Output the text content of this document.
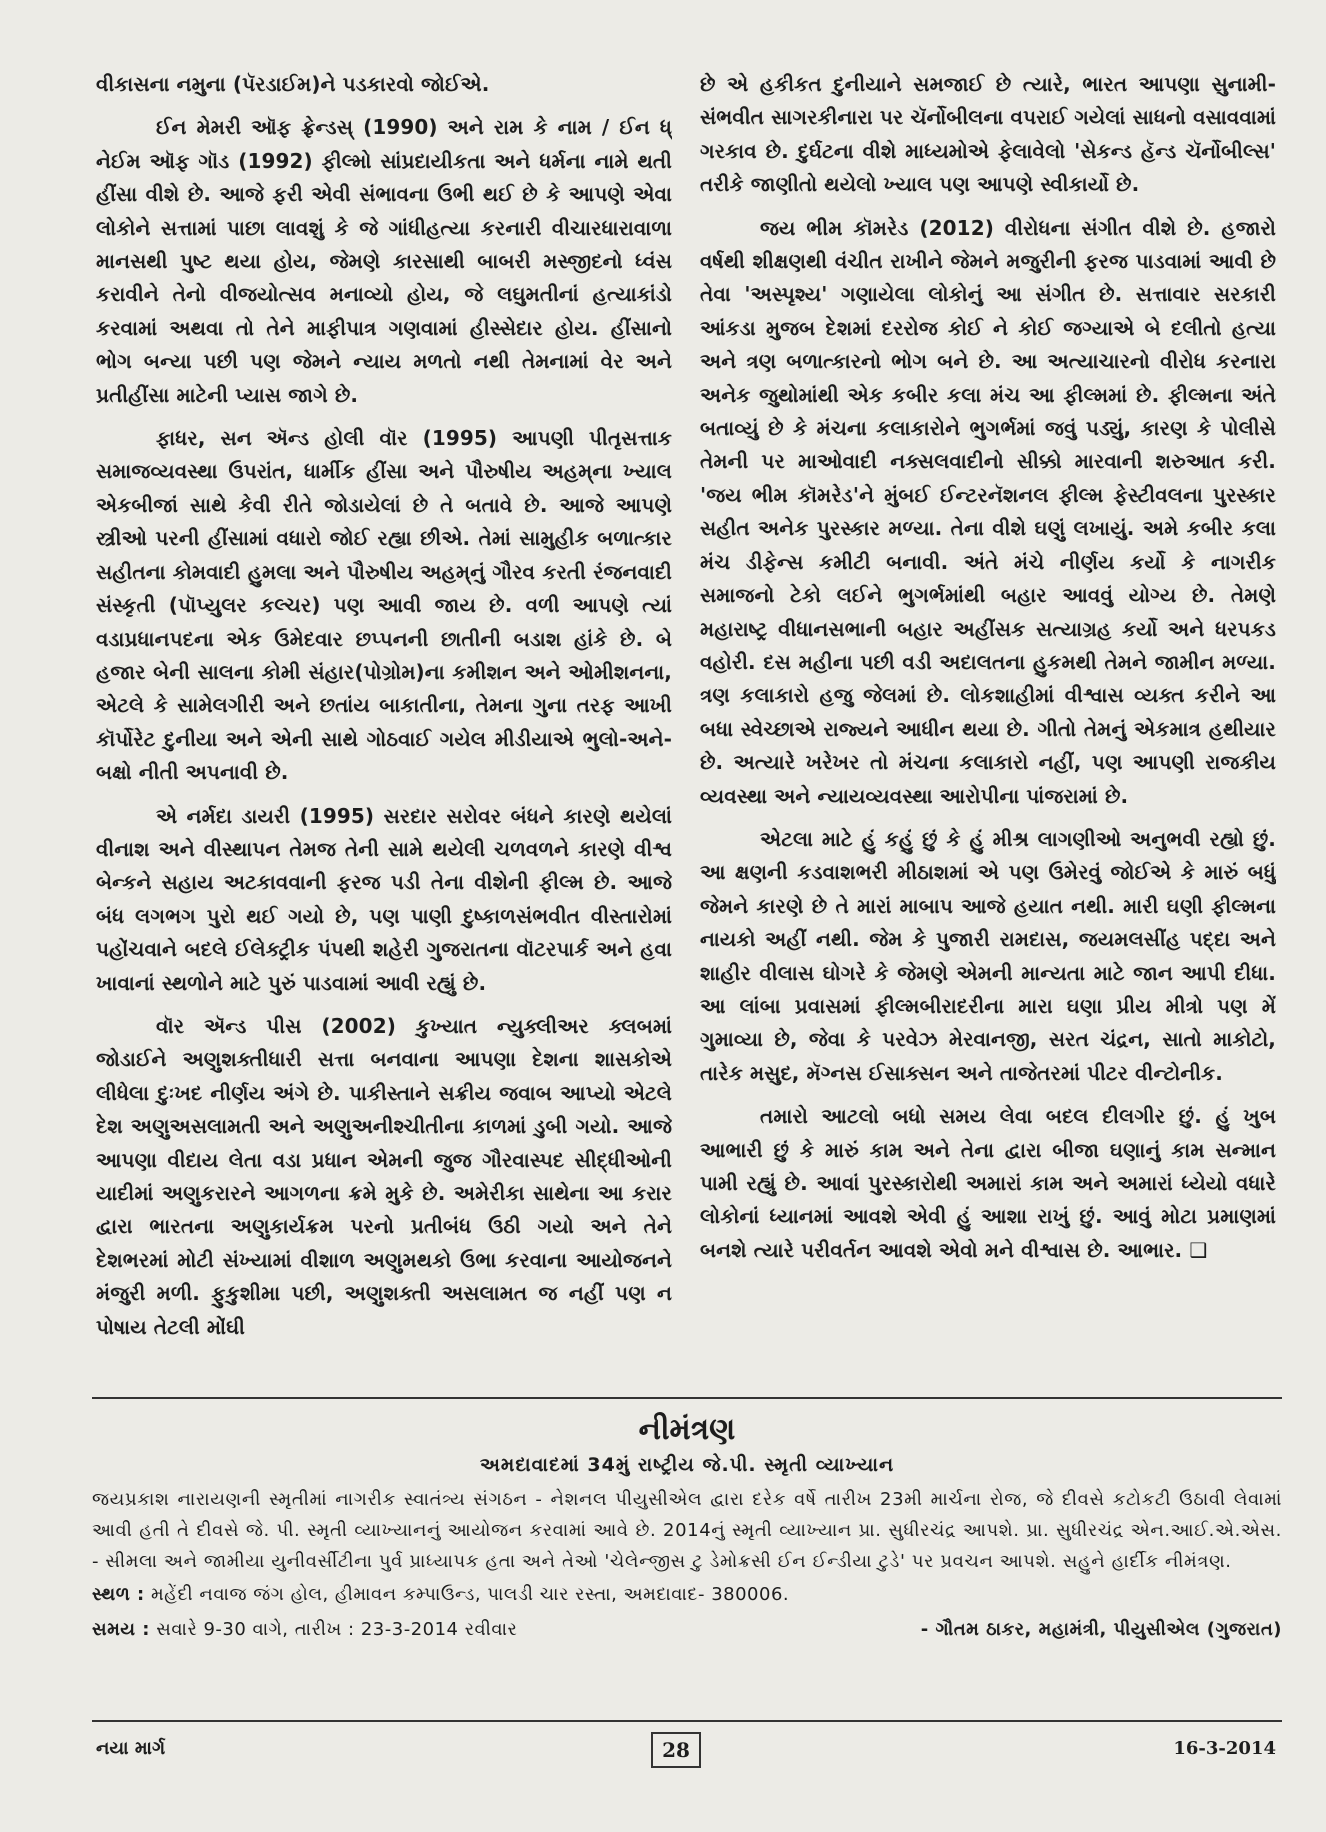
વીકાસના નમુના (પૅરડાઈમ)ને પડકારવો જોઈએ.

ઈન મેમરી ઑફ ફ્રેન્ડસ્ (1990) અને રામ કે નામ / ઈન ધ્ નેઈમ ઑફ ગૉડ (1992) ફીલ્મો સાંપ્રદાયીકતા અને ધર્મના નામે થતી હીંસા વીશે છે. આજે ફરી એવી સંભાવના ઉભી થઈ છે કે આપણે એવા લોકોને સત્તામાં પાછા લાવશું કે જે ગાંધીહત્યા કરનારી વીચારધારાવાળા માનસથી પુષ્ટ થયા હોય, જેમણે કારસાથી બાબરી મસ્જીદનો ધ્વંસ કરાવીને તેનો વીજયોત્સવ મનાવ્યો હોય, જે લઘુમતીનાં હત્યાકાંડો કરવામાં અથવા તો તેને માફીપાત્ર ગણવામાં હીસ્સેદાર હોય. હીંસાનો ભોગ બન્યા પછી પણ જેમને ન્યાય મળતો નથી તેમનામાં વેર અને પ્રતીહીંસા માટેની પ્યાસ જાગે છે.

ફાધર, સન ઍન્ડ હોલી વૉર (1995) આપણી પીતૃસત્તાક સમાજવ્યવસ્થા ઉપરાંત, ધાર્મીક હીંસા અને પૌરુષીય અહમ્‌ના ખ્યાલ એકબીજાં સાથે કેવી રીતે જોડાયેલાં છે તે બતાવે છે. આજે આપણે સ્ત્રીઓ પરની હીંસામાં વધારો જોઈ રહ્યા છીએ. તેમાં સામુહીક બળાત્કાર સહીતના કોમવાદી હુમલા અને પૌરુષીય અહમ્‌નું ગૌરવ કરતી રંજનવાદી સંસ્કૃતી (પૉપ્યુલર કલ્ચર) પણ આવી જાય છે. વળી આપણે ત્યાં વડાપ્રધાનપદના એક ઉમેદવાર છપ્પનની છાતીની બડાશ હાંકે છે. બે હજાર બેની સાલના કોમી સંહાર(પોગ્રોમ)ના કમીશન અને ઓમીશનના, એટલે કે સામેલગીરી અને છતાંય બાકાતીના, તેમના ગુના તરફ આખી કૉર્પોરેટ દુનીયા અને એની સાથે ગોઠવાઈ ગયેલ મીડીયાએ ભુલો-અને-બક્ષો નીતી અપનાવી છે.

એ નર્મદા ડાયરી (1995) સરદાર સરોવર બંધને કારણે થયેલાં વીનાશ અને વીસ્થાપન તેમજ તેની સામે થયેલી ચળવળને કારણે વીશ્વ બેન્કને સહાય અટકાવવાની ફરજ પડી તેના વીશેની ફીલ્મ છે. આજે બંધ લગભગ પુરો થઈ ગયો છે, પણ પાણી દુષ્કાળસંભવીત વીસ્તારોમાં પહોંચવાને બદલે ઈલેક્ટ્રીક પંપથી શહેરી ગુજરાતના વૉટરપાર્ક અને હવા ખાવાનાં સ્થળોને માટે પુરું પાડવામાં આવી રહ્યું છે.

વૉર ઍન્ડ પીસ (2002) કુખ્યાત ન્યુક્લીઅર ક્લબમાં જોડાઈને અણુશક્તીધારી સત્તા બનવાના આપણા દેશના શાસકોએ લીધેલા દુઃખદ નીર્ણય અંગે છે. પાકીસ્તાને સક્રીય જવાબ આપ્યો એટલે દેશ અણુઅસલામતી અને અણુઅનીશ્ચીતીના કાળમાં ડુબી ગયો. આજે આપણા વીદાય લેતા વડા પ્રધાન એમની જુજ ગૌરવાસ્પદ સીદ્ધીઓની યાદીમાં અણુકરારને આગળના ક્રમે મુકે છે. અમેરીકા સાથેના આ કરાર દ્વારા ભારતના અણુકાર્યક્રમ પરનો પ્રતીબંધ ઉઠી ગયો અને તેને દેશભરમાં મોટી સંખ્યામાં વીશાળ અણુમથકો ઉભા કરવાના આયોજનને મંજુરી મળી. ફુકુશીમા પછી, અણુશક્તી અસલામત જ નહીં પણ ન પોષાય તેટલી મોંઘી

છે એ હકીકત દુનીયાને સમજાઈ છે ત્યારે, ભારત આપણા સુનામી-સંભવીત સાગરકીનારા પર ચૅર્નોબીલના વપરાઈ ગયેલાં સાધનો વસાવવામાં ગરકાવ છે. દુર્ઘટના વીશે માધ્યમોએ ફેલાવેલો 'સેકન્ડ હૅન્ડ ચૅર્નોબીલ્સ' તરીકે જાણીતો થયેલો ખ્યાલ પણ આપણે સ્વીકાર્યો છે.

જય ભીમ કૉમરેડ (2012) વીરોધના સંગીત વીશે છે. હજારો વર્ષથી શીક્ષણથી વંચીત રાખીને જેમને મજુરીની ફરજ પાડવામાં આવી છે તેવા 'અસ્પૃશ્ય' ગણાયેલા લોકોનું આ સંગીત છે. સત્તાવાર સરકારી આંકડા મુજબ દેશમાં દરરોજ કોઈ ને કોઈ જગ્યાએ બે દલીતો હત્યા અને ત્રણ બળાત્કારનો ભોગ બને છે. આ અત્યાચારનો વીરોધ કરનારા અનેક જુથોમાંથી એક કબીર કલા મંચ આ ફીલ્મમાં છે. ફીલ્મના અંતે બતાવ્યું છે કે મંચના કલાકારોને ભુગર્ભમાં જવું પડ્યું, કારણ કે પોલીસે તેમની પર માઓવાદી નક્સલવાદીનો સીક્કો મારવાની શરુઆત કરી. 'જય ભીમ કૉમરેડ'ને મુંબઈ ઈન્ટરનૅશનલ ફીલ્મ ફેસ્ટીવલના પુરસ્કાર સહીત અનેક પુરસ્કાર મળ્યા. તેના વીશે ઘણું લખાયું. અમે કબીર કલા મંચ ડીફેન્સ કમીટી બનાવી. અંતે મંચે નીર્ણય કર્યો કે નાગરીક સમાજનો ટેકો લઈને ભુગર્ભમાંથી બહાર આવવું યોગ્ય છે. તેમણે મહારાષ્ટ્ર વીધાનસભાની બહાર અહીંસક સત્યાગ્રહ કર્યો અને ધરપકડ વહોરી. દસ મહીના પછી વડી અદાલતના હુકમથી તેમને જામીન મળ્યા. ત્રણ કલાકારો હજુ જેલમાં છે. લોકશાહીમાં વીશ્વાસ વ્યક્ત કરીને આ બધા સ્વેચ્છાએ રાજ્યને આધીન થયા છે. ગીતો તેમનું એકમાત્ર હથીયાર છે. અત્યારે ખરેખર તો મંચના કલાકારો નહીં, પણ આપણી રાજકીય વ્યવસ્થા અને ન્યાયવ્યવસ્થા આરોપીના પાંજરામાં છે.

એટલા માટે હું કહું છું કે હું મીશ્ર લાગણીઓ અનુભવી રહ્યો છું. આ ક્ષણની કડવાશભરી મીઠાશમાં એ પણ ઉમેરવું જોઈએ કે મારું બધું જેમને કારણે છે તે મારાં માબાપ આજે હયાત નથી. મારી ઘણી ફીલ્મના નાયકો અહીં નથી. જેમ કે પુજારી રામદાસ, જયમલસીંહ પદ્દા અને શાહીર વીલાસ ઘોગરે કે જેમણે એમની માન્યતા માટે જાન આપી દીધા. આ લાંબા પ્રવાસમાં ફીલ્મબીરાદરીના મારા ઘણા પ્રીય મીત્રો પણ મેં ગુમાવ્યા છે, જેવા કે પરવેઝ મેરવાનજી, સરત ચંદ્રન, સાતો માકોટો, તારેક મસુદ, મૅગ્નસ ઈસાક્સન અને તાજેતરમાં પીટર વીન્ટોનીક.

તમારો આટલો બધો સમય લેવા બદલ દીલગીર છું. હું ખુબ આભારી છું કે મારું કામ અને તેના દ્વારા બીજા ઘણાનું કામ સન્માન પામી રહ્યું છે. આવાં પુરસ્કારોથી અમારાં કામ અને અમારાં ધ્યેયો વધારે લોકોનાં ધ્યાનમાં આવશે એવી હું આશા રાખું છું. આવું મોટા પ્રમાણમાં બનશે ત્યારે પરીવર્તન આવશે એવો મને વીશ્વાસ છે. આભાર. ❑

નીમંત્રણ
અમદાવાદમાં 34મું રાષ્ટ્રીય જે.પી. સ્મૃતી વ્યાખ્યાન

જયપ્રકાશ નારાયણની સ્મૃતીમાં નાગરીક સ્વાતંત્ર્ય સંગઠન - નેશનલ પીયુસીએલ દ્વારા દરેક વર્ષે તારીખ 23મી માર્ચના રોજ, જે દીવસે કટોકટી ઉઠાવી લેવામાં આવી હતી તે દીવસે જે. પી. સ્મૃતી વ્યાખ્યાનનું આયોજન કરવામાં આવે છે. 2014નું સ્મૃતી વ્યાખ્યાન પ્રા. સુધીરચંદ્ર આપશે. પ્રા. સુધીરચંદ્ર એન.આઈ.એ.એસ. - સીમલા અને જામીયા યુનીવર્સીટીના પુર્વ પ્રાધ્યાપક હતા અને તેઓ 'ચેલેન્જીસ ટુ ડેમોક્રસી ઈન ઈન્ડીયા ટુડે' પર પ્રવચન આપશે. સહુને હાર્દીક નીમંત્રણ.

સ્થળ : મહેંદી નવાજ જંગ હોલ, હીમાવન કમ્પાઉન્ડ, પાલડી ચાર રસ્તા, અમદાવાદ- 380006.

સમય : સવારે 9-30 વાગે, તારીખ : 23-3-2014 રવીવાર	- ગૌતમ ઠાકર, મહામંત્રી, પીયુસીએલ (ગુજરાત)
નયા માર્ગ	28	16-3-2014
